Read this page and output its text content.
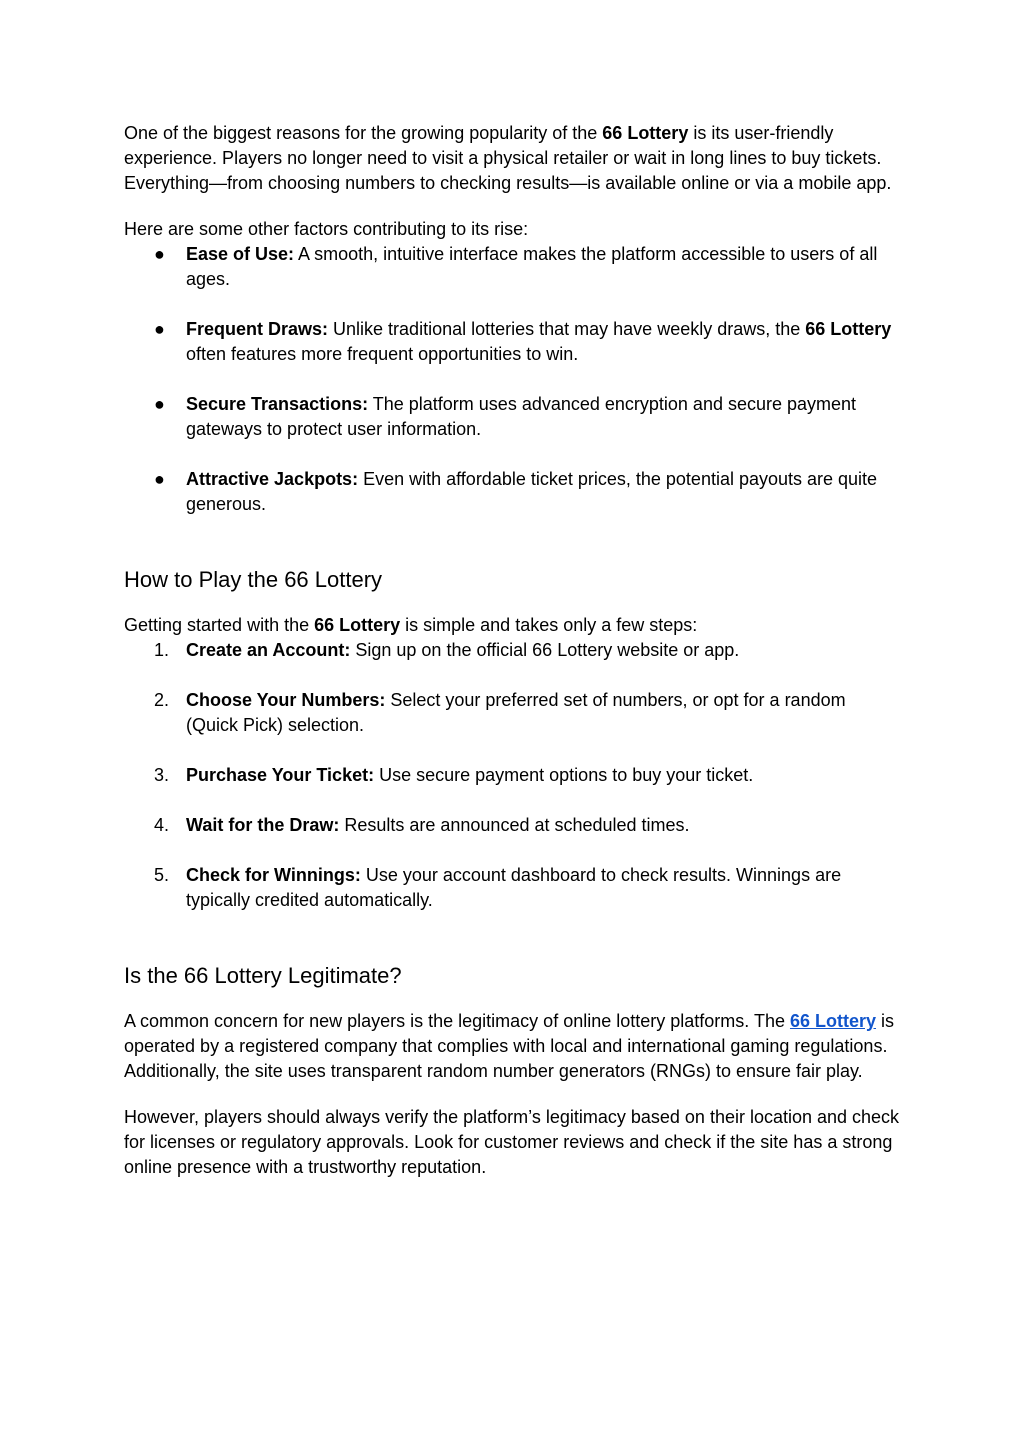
One of the biggest reasons for the growing popularity of the 66 Lottery is its user-friendly experience. Players no longer need to visit a physical retailer or wait in long lines to buy tickets. Everything—from choosing numbers to checking results—is available online or via a mobile app.

Here are some other factors contributing to its rise:

● Ease of Use: A smooth, intuitive interface makes the platform accessible to users of all ages.
● Frequent Draws: Unlike traditional lotteries that may have weekly draws, the 66 Lottery often features more frequent opportunities to win.
● Secure Transactions: The platform uses advanced encryption and secure payment gateways to protect user information.
● Attractive Jackpots: Even with affordable ticket prices, the potential payouts are quite generous.
How to Play the 66 Lottery

Getting started with the 66 Lottery is simple and takes only a few steps:

1. Create an Account: Sign up on the official 66 Lottery website or app.
2. Choose Your Numbers: Select your preferred set of numbers, or opt for a random (Quick Pick) selection.
3. Purchase Your Ticket: Use secure payment options to buy your ticket.
4. Wait for the Draw: Results are announced at scheduled times.
5. Check for Winnings: Use your account dashboard to check results. Winnings are typically credited automatically.
Is the 66 Lottery Legitimate?

A common concern for new players is the legitimacy of online lottery platforms. The 66 Lottery is operated by a registered company that complies with local and international gaming regulations. Additionally, the site uses transparent random number generators (RNGs) to ensure fair play.

However, players should always verify the platform’s legitimacy based on their location and check for licenses or regulatory approvals. Look for customer reviews and check if the site has a strong online presence with a trustworthy reputation.
